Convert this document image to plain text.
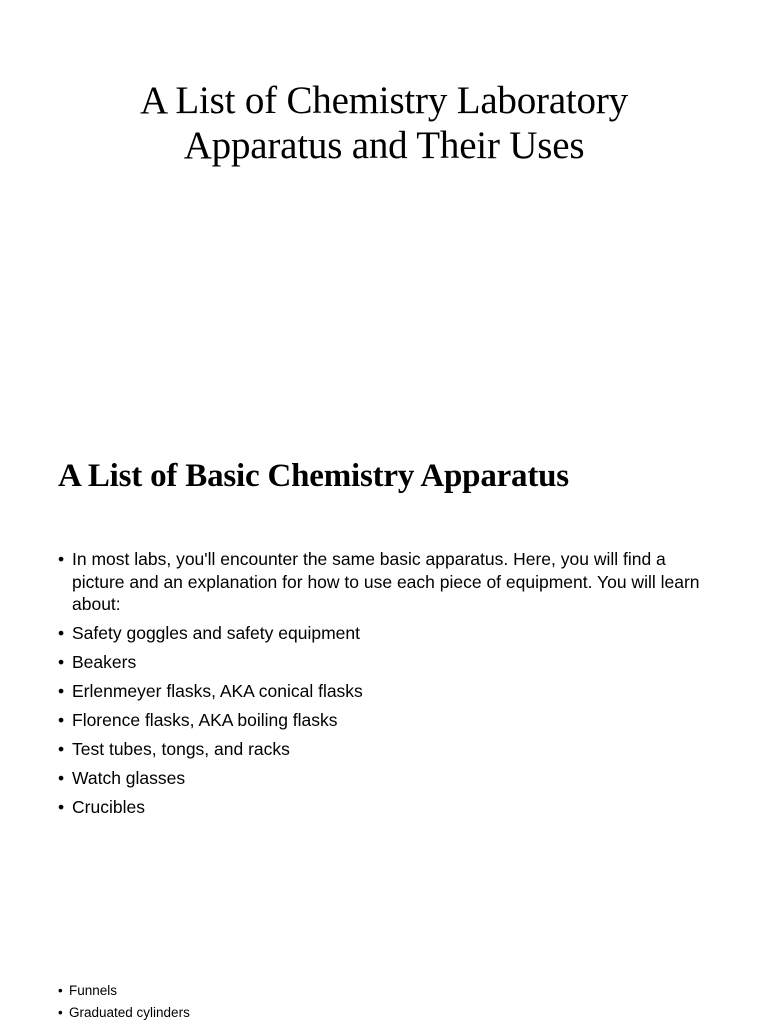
A List of Chemistry Laboratory
Apparatus and Their Uses
A List of Basic Chemistry Apparatus
• In most labs, you'll encounter the same basic apparatus. Here, you will find a picture and an explanation for how to use each piece of equipment. You will learn about:
• Safety goggles and safety equipment
• Beakers
• Erlenmeyer flasks, AKA conical flasks
• Florence flasks, AKA boiling flasks
• Test tubes, tongs, and racks
• Watch glasses
• Crucibles
• Funnels
• Graduated cylinders
